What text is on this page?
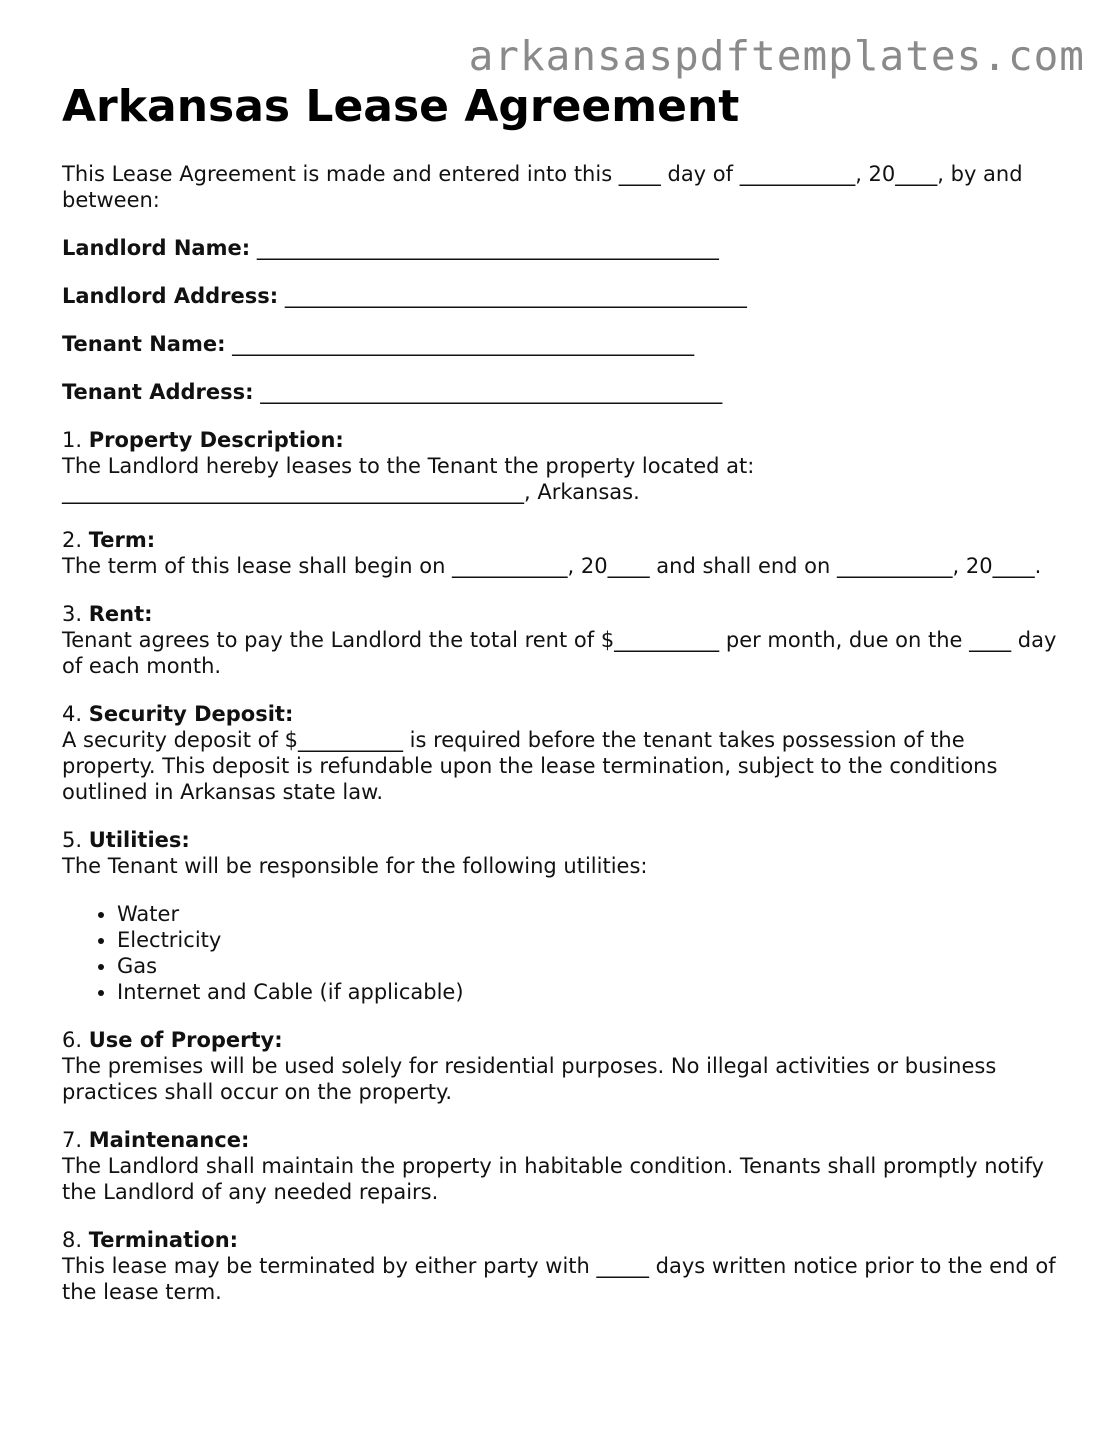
arkansaspdftemplates.com
Arkansas Lease Agreement

This Lease Agreement is made and entered into this ____ day of ___________, 20____, by and between:

Landlord Name: ____________________________________________

Landlord Address: ____________________________________________

Tenant Name: ____________________________________________

Tenant Address: ____________________________________________

1. Property Description:

The Landlord hereby leases to the Tenant the property located at: ____________________________________________, Arkansas.

2. Term:

The term of this lease shall begin on ___________, 20____ and shall end on ___________, 20____.

3. Rent:

Tenant agrees to pay the Landlord the total rent of $__________ per month, due on the ____ day of each month.

4. Security Deposit:

A security deposit of $__________ is required before the tenant takes possession of the property. This deposit is refundable upon the lease termination, subject to the conditions outlined in Arkansas state law.

5. Utilities:

The Tenant will be responsible for the following utilities:

• Water
• Electricity
• Gas
• Internet and Cable (if applicable)

6. Use of Property:

The premises will be used solely for residential purposes. No illegal activities or business practices shall occur on the property.

7. Maintenance:

The Landlord shall maintain the property in habitable condition. Tenants shall promptly notify the Landlord of any needed repairs.

8. Termination:

This lease may be terminated by either party with _____ days written notice prior to the end of the lease term.
